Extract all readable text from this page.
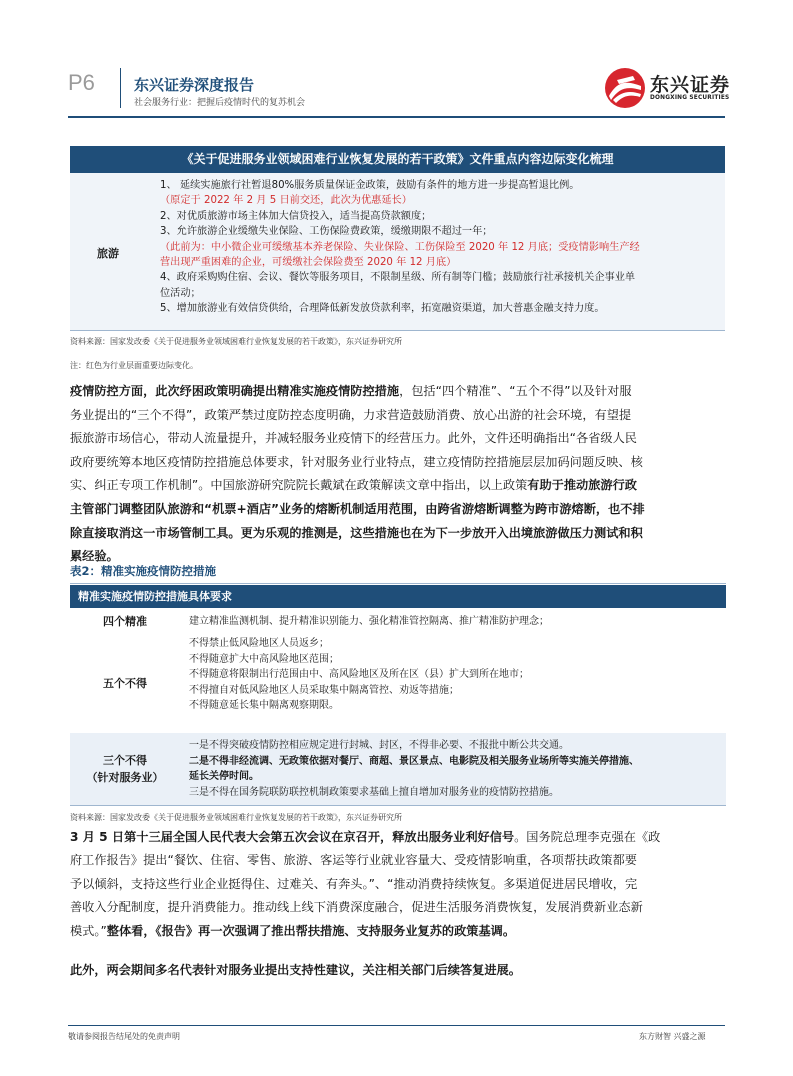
P6	东兴证券深度报告
社会服务行业：把握后疫情时代的复苏机会
东兴证券
DONGXING SECURITIES
《关于促进服务业领域困难行业恢复发展的若干政策》文件重点内容边际变化梳理
旅游
1、 延续实施旅行社暂退80%服务质量保证金政策，鼓励有条件的地方进一步提高暂退比例。
（原定于 2022 年 2 月 5 日前交还，此次为优惠延长）
2、对优质旅游市场主体加大信贷投入，适当提高贷款额度；
3、允许旅游企业缓缴失业保险、工伤保险费政策，缓缴期限不超过一年；
（此前为：中小微企业可缓缴基本养老保险、失业保险、工伤保险至 2020 年 12 月底；受疫情影响生产经
营出现严重困难的企业，可缓缴社会保险费至 2020 年 12 月底）
4、政府采购购住宿、会议、餐饮等服务项目，不限制星级、所有制等门槛；鼓励旅行社承接机关企事业单
位活动；
5、增加旅游业有效信贷供给，合理降低新发放贷款利率，拓宽融资渠道，加大普惠金融支持力度。
资料来源：国家发改委《关于促进服务业领域困难行业恢复发展的若干政策》，东兴证券研究所
注：红色为行业层面重要边际变化。
疫情防控方面，此次纾困政策明确提出精准实施疫情防控措施，包括“四个精准”、“五个不得”以及针对服
务业提出的“三个不得”，政策严禁过度防控态度明确，力求营造鼓励消费、放心出游的社会环境，有望提
振旅游市场信心，带动人流量提升，并减轻服务业疫情下的经营压力。此外，文件还明确指出“各省级人民
政府要统筹本地区疫情防控措施总体要求，针对服务业行业特点，建立疫情防控措施层层加码问题反映、核
实、纠正专项工作机制”。中国旅游研究院院长戴斌在政策解读文章中指出，以上政策有助于推动旅游行政
主管部门调整团队旅游和“机票+酒店”业务的熔断机制适用范围，由跨省游熔断调整为跨市游熔断，也不排
除直接取消这一市场管制工具。更为乐观的推测是，这些措施也在为下一步放开入出境旅游做压力测试和积
累经验。
表2：精准实施疫情防控措施
精准实施疫情防控措施具体要求
四个精准	建立精准监测机制、提升精准识别能力、强化精准管控隔离、推广精准防护理念；
五个不得
不得禁止低风险地区人员返乡；
不得随意扩大中高风险地区范围；
不得随意将限制出行范围由中、高风险地区及所在区（县）扩大到所在地市；
不得擅自对低风险地区人员采取集中隔离管控、劝返等措施；
不得随意延长集中隔离观察期限。
三个不得
（针对服务业）
一是不得突破疫情防控相应规定进行封城、封区，不得非必要、不报批中断公共交通。
二是不得非经流调、无政策依据对餐厅、商超、景区景点、电影院及相关服务业场所等实施关停措施、
延长关停时间。
三是不得在国务院联防联控机制政策要求基础上擅自增加对服务业的疫情防控措施。
资料来源：国家发改委《关于促进服务业领域困难行业恢复发展的若干政策》，东兴证券研究所
3 月 5 日第十三届全国人民代表大会第五次会议在京召开，释放出服务业利好信号。国务院总理李克强在《政
府工作报告》提出“餐饮、住宿、零售、旅游、客运等行业就业容量大、受疫情影响重，各项帮扶政策都要
予以倾斜，支持这些行业企业挺得住、过难关、有奔头。”、“推动消费持续恢复。多渠道促进居民增收，完
善收入分配制度，提升消费能力。推动线上线下消费深度融合，促进生活服务消费恢复，发展消费新业态新
模式。”整体看，《报告》再一次强调了推出帮扶措施、支持服务业复苏的政策基调。
此外，两会期间多名代表针对服务业提出支持性建议，关注相关部门后续答复进展。
敬请参阅报告结尾处的免责声明	东方财智 兴盛之源
